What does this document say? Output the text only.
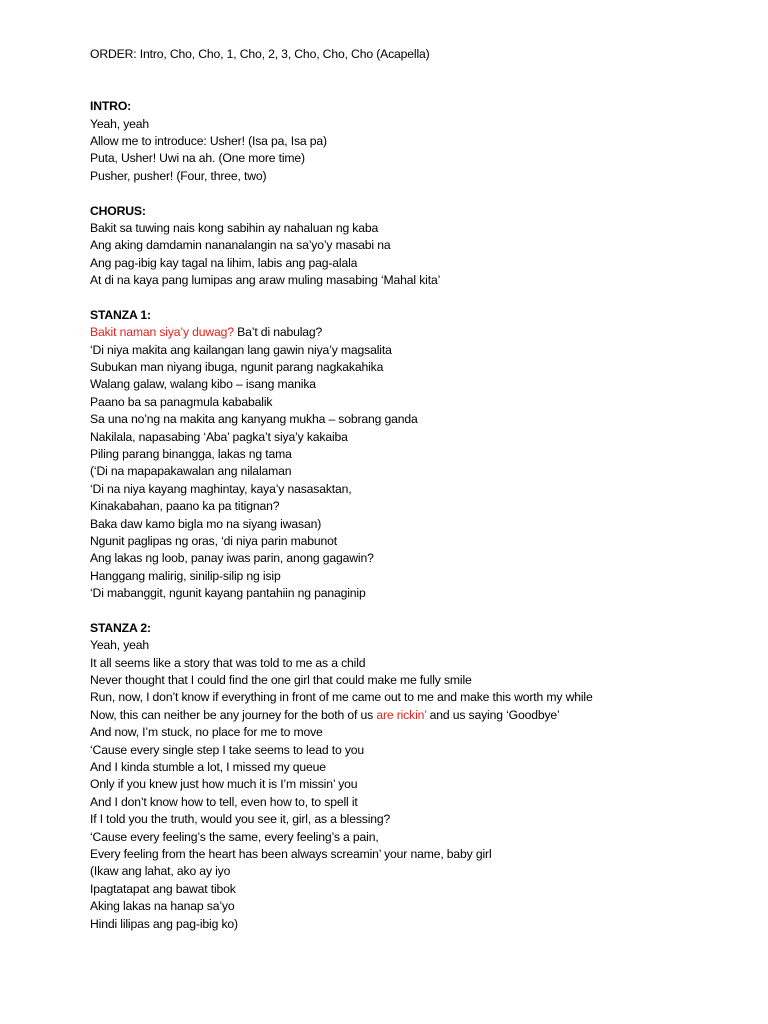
ORDER: Intro, Cho, Cho, 1, Cho, 2, 3, Cho, Cho, Cho (Acapella)
INTRO:
Yeah, yeah
Allow me to introduce: Usher! (Isa pa, Isa pa)
Puta, Usher! Uwi na ah. (One more time)
Pusher, pusher! (Four, three, two)
CHORUS:
Bakit sa tuwing nais kong sabihin ay nahaluan ng kaba
Ang aking damdamin nananalangin na sa’yo’y masabi na
Ang pag-ibig kay tagal na lihim, labis ang pag-alala
At di na kaya pang lumipas ang araw muling masabing ‘Mahal kita’
STANZA 1:
Bakit naman siya’y duwag? Ba’t di nabulag?
‘Di niya makita ang kailangan lang gawin niya’y magsalita
Subukan man niyang ibuga, ngunit parang nagkakahika
Walang galaw, walang kibo – isang manika
Paano ba sa panagmula kababalik
Sa una no’ng na makita ang kanyang mukha – sobrang ganda
Nakilala, napasabing ‘Aba’ pagka’t siya’y kakaiba
Piling parang binangga, lakas ng tama
(‘Di na mapapakawalan ang nilalaman
‘Di na niya kayang maghintay, kaya’y nasasaktan,
Kinakabahan, paano ka pa titignan?
Baka daw kamo bigla mo na siyang iwasan)
Ngunit paglipas ng oras, ‘di niya parin mabunot
Ang lakas ng loob, panay iwas parin, anong gagawin?
Hanggang malirig, sinilip-silip ng isip
‘Di mabanggit, ngunit kayang pantahiin ng panaginip
STANZA 2:
Yeah, yeah
It all seems like a story that was told to me as a child
Never thought that I could find the one girl that could make me fully smile
Run, now, I don’t know if everything in front of me came out to me and make this worth my while
Now, this can neither be any journey for the both of us are rickin’ and us saying ‘Goodbye’
And now, I’m stuck, no place for me to move
‘Cause every single step I take seems to lead to you
And I kinda stumble a lot, I missed my queue
Only if you knew just how much it is I’m missin’ you
And I don’t know how to tell, even how to, to spell it
If I told you the truth, would you see it, girl, as a blessing?
‘Cause every feeling’s the same, every feeling’s a pain,
Every feeling from the heart has been always screamin’ your name, baby girl
(Ikaw ang lahat, ako ay iyo
Ipagtatapat ang bawat tibok
Aking lakas na hanap sa’yo
Hindi lilipas ang pag-ibig ko)
